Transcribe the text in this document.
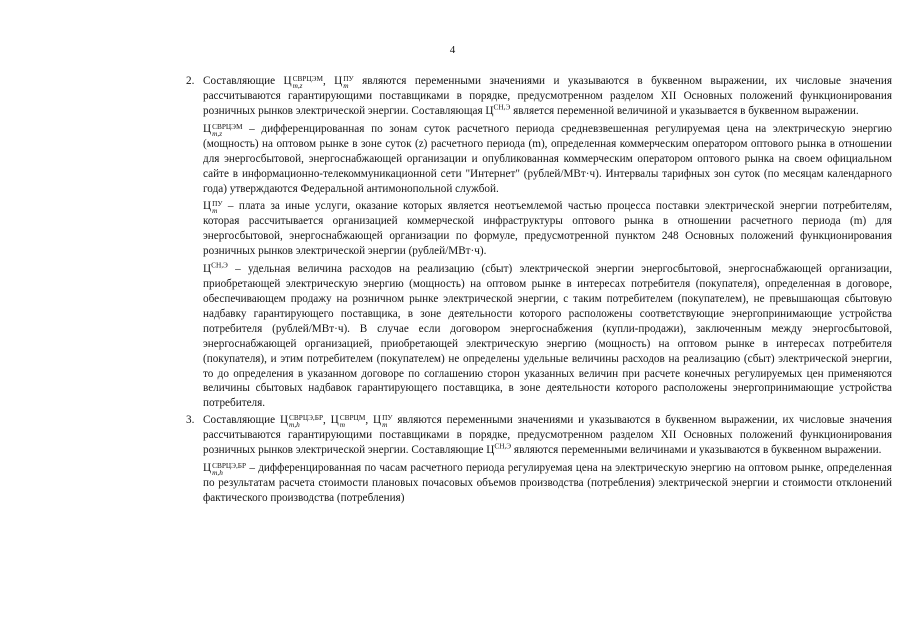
4
2. Составляющие Ц СВРЦЭМ
m,z	, Ц ПУ
m являются переменными значениями и указываются в буквенном выражении, их числовые значения рассчитываются гарантирующими поставщиками в порядке, предусмотренном разделом XII Основных положений функционирования розничных рынков электрической энергии. Составляющая $Ц^{СН,Э}$ является переменной величиной и указывается в буквенном выражении.

Ц СВРЦЭМ
m,z	– дифференцированная по зонам суток расчетного периода средневзвешенная регулируемая цена на электрическую энергию (мощность) на оптовом рынке в зоне суток (z) расчетного периода (m), определенная коммерческим оператором оптового рынка в отношении для энергосбытовой, энергоснабжающей организации и опубликованная коммерческим оператором оптового рынка на своем официальном сайте в информационно-телекоммуникационной сети "Интернет" (рублей/МВт·ч). Интервалы тарифных зон суток (по месяцам календарного года) утверждаются Федеральной антимонопольной службой.

Ц ПУ
m – плата за иные услуги, оказание которых является неотъемлемой частью процесса поставки электрической энергии потребителям, которая рассчитывается организацией коммерческой инфраструктуры оптового рынка в отношении расчетного периода (m) для энергосбытовой, энергоснабжающей организации по формуле, предусмотренной пунктом 248 Основных положений функционирования розничных рынков электрической энергии (рублей/МВт·ч).

$Ц^{СН,Э}$ – удельная величина расходов на реализацию (сбыт) электрической энергии энергосбытовой, энергоснабжающей организации, приобретающей электрическую энергию (мощность) на оптовом рынке в интересах потребителя (покупателя), определенная в договоре, обеспечивающем продажу на розничном рынке электрической энергии, с таким потребителем (покупателем), не превышающая сбытовую надбавку гарантирующего поставщика, в зоне деятельности которого расположены соответствующие энергопринимающие устройства потребителя (рублей/МВт·ч). В случае если договором энергоснабжения (купли-продажи), заключенным между энергосбытовой, энергоснабжающей организацией, приобретающей электрическую энергию (мощность) на оптовом рынке в интересах потребителя (покупателя), и этим потребителем (покупателем) не определены удельные величины расходов на реализацию (сбыт) электрической энергии, то до определения в указанном договоре по соглашению сторон указанных величин при расчете конечных регулируемых цен применяются величины сбытовых надбавок гарантирующего поставщика, в зоне деятельности которого расположены энергопринимающие устройства потребителя.

3. Составляющие Ц СВРЦЭ,БР
m,h	, Ц СВРЦМ
m	, Ц ПУ
m являются переменными значениями и указываются в буквенном выражении, их числовые значения рассчитываются гарантирующими поставщиками в порядке, предусмотренном разделом XII Основных положений функционирования розничных рынков электрической энергии. Составляющие $Ц^{СН,Э}$ являются переменными величинами и указываются в буквенном выражении.

Ц СВРЦЭ,БР
m,h	– дифференцированная по часам расчетного периода регулируемая цена на электрическую энергию на оптовом рынке, определенная по результатам расчета стоимости плановых почасовых объемов производства (потребления) электрической энергии и стоимости отклонений фактического производства (потребления)
